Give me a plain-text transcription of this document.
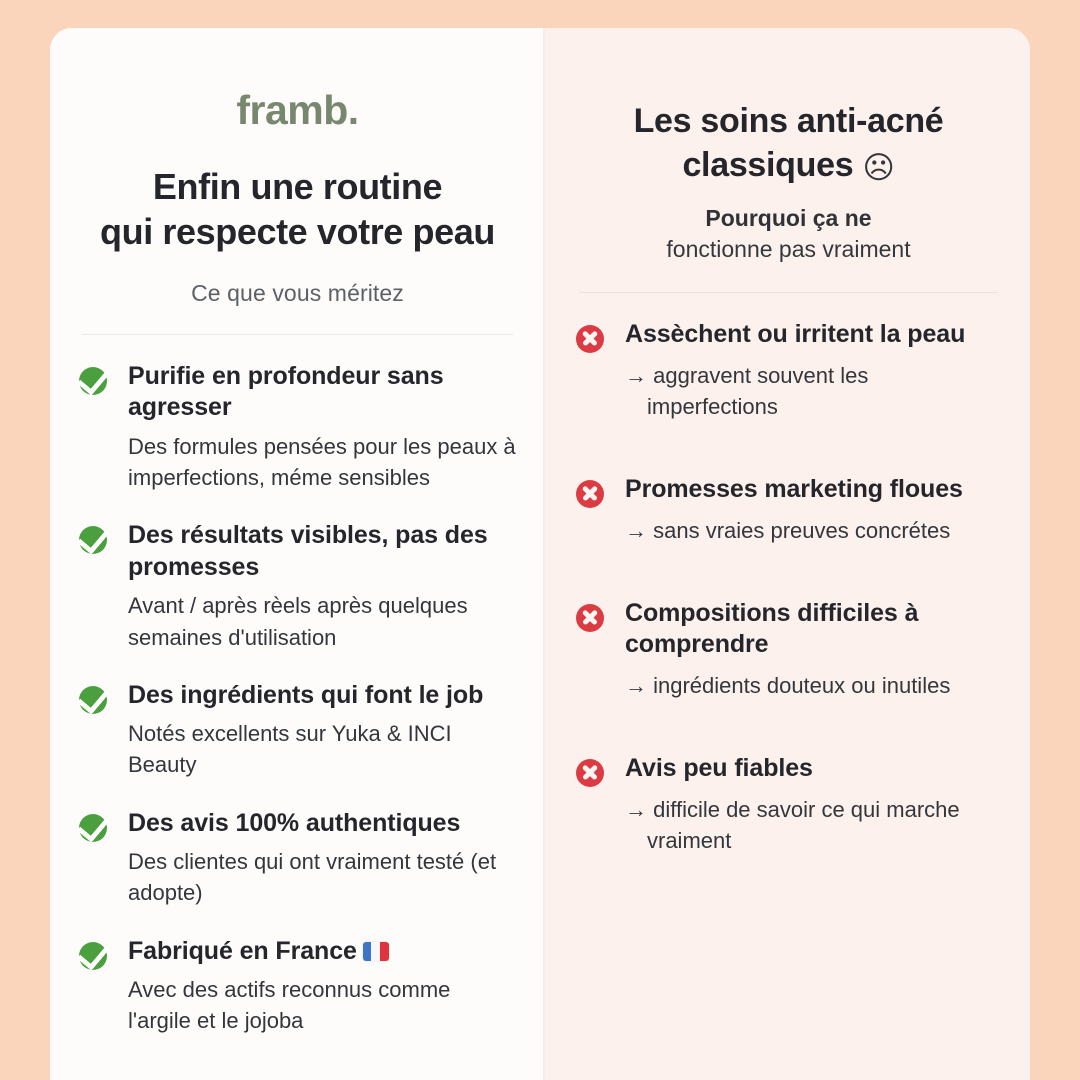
framb.
Enfin une routine
qui respecte votre peau
Ce que vous méritez
Purifie en profondeur sans agresser
Des formules pensées pour les peaux à imperfections, méme sensibles
Des résultats visibles, pas des promesses
Avant / après rèels après quelques semaines d'utilisation
Des ingrédients qui font le job
Notés excellents sur Yuka & INCI Beauty
Des avis 100% authentiques
Des clientes qui ont vraiment testé (et adopte)
Fabriqué en France
Avec des actifs reconnus comme l'argile et le jojoba
Les soins anti-acné
classiques ☹
Pourquoi ça ne
fonctionne pas vraiment
Assèchent ou irritent la peau
→ aggravent souvent les imperfections
Promesses marketing floues
→ sans vraies preuves concrétes
Compositions difficiles à comprendre
→ ingrédients douteux ou inutiles
Avis peu fiables
→ difficile de savoir ce qui marche vraiment
